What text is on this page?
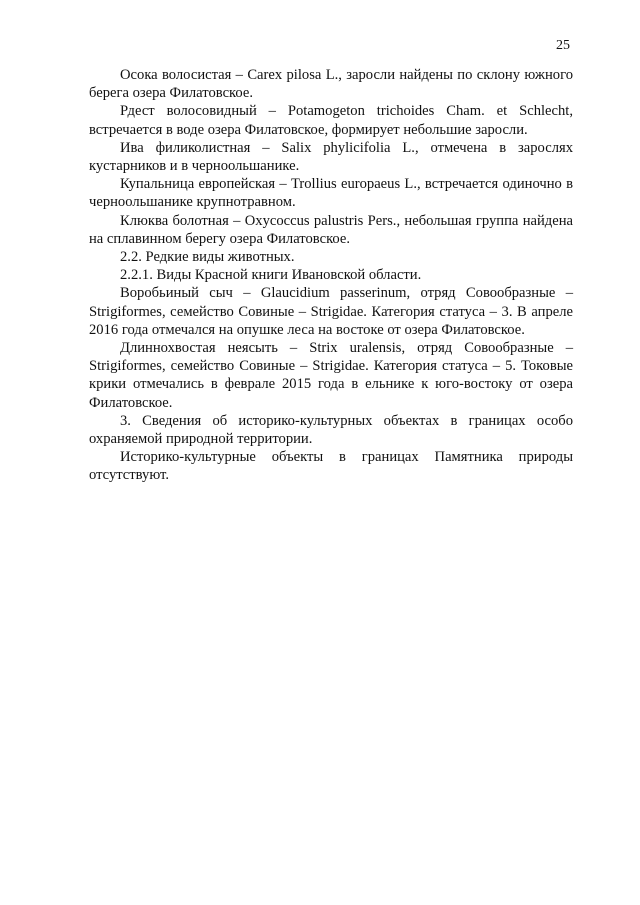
25

Осока волосистая – Carex pilosa L., заросли найдены по склону южного берега озера Филатовское.

Рдест волосовидный – Potamogeton trichoides Cham. et Schlecht, встречается в воде озера Филатовское, формирует небольшие заросли.

Ива филиколистная – Salix phylicifolia L., отмечена в зарослях кустарников и в черноольшанике.

Купальница европейская – Trollius europaeus L., встречается одиночно в черноольшанике крупнотравном.

Клюква болотная – Oxycoccus palustris Pers., небольшая группа найдена на сплавинном берегу озера Филатовское.

2.2. Редкие виды животных.

2.2.1. Виды Красной книги Ивановской области.

Воробьиный сыч – Glaucidium passerinum, отряд Совообразные – Strigiformes, семейство Совиные – Strigidae. Категория статуса – 3. В апреле 2016 года отмечался на опушке леса на востоке от озера Филатовское.

Длиннохвостая неясыть – Strix uralensis, отряд Совообразные – Strigiformes, семейство Совиные – Strigidae. Категория статуса – 5. Токовые крики отмечались в феврале 2015 года в ельнике к юго-востоку от озера Филатовское.

3. Сведения об историко-культурных объектах в границах особо охраняемой природной территории.

Историко-культурные объекты в границах Памятника природы отсутствуют.
